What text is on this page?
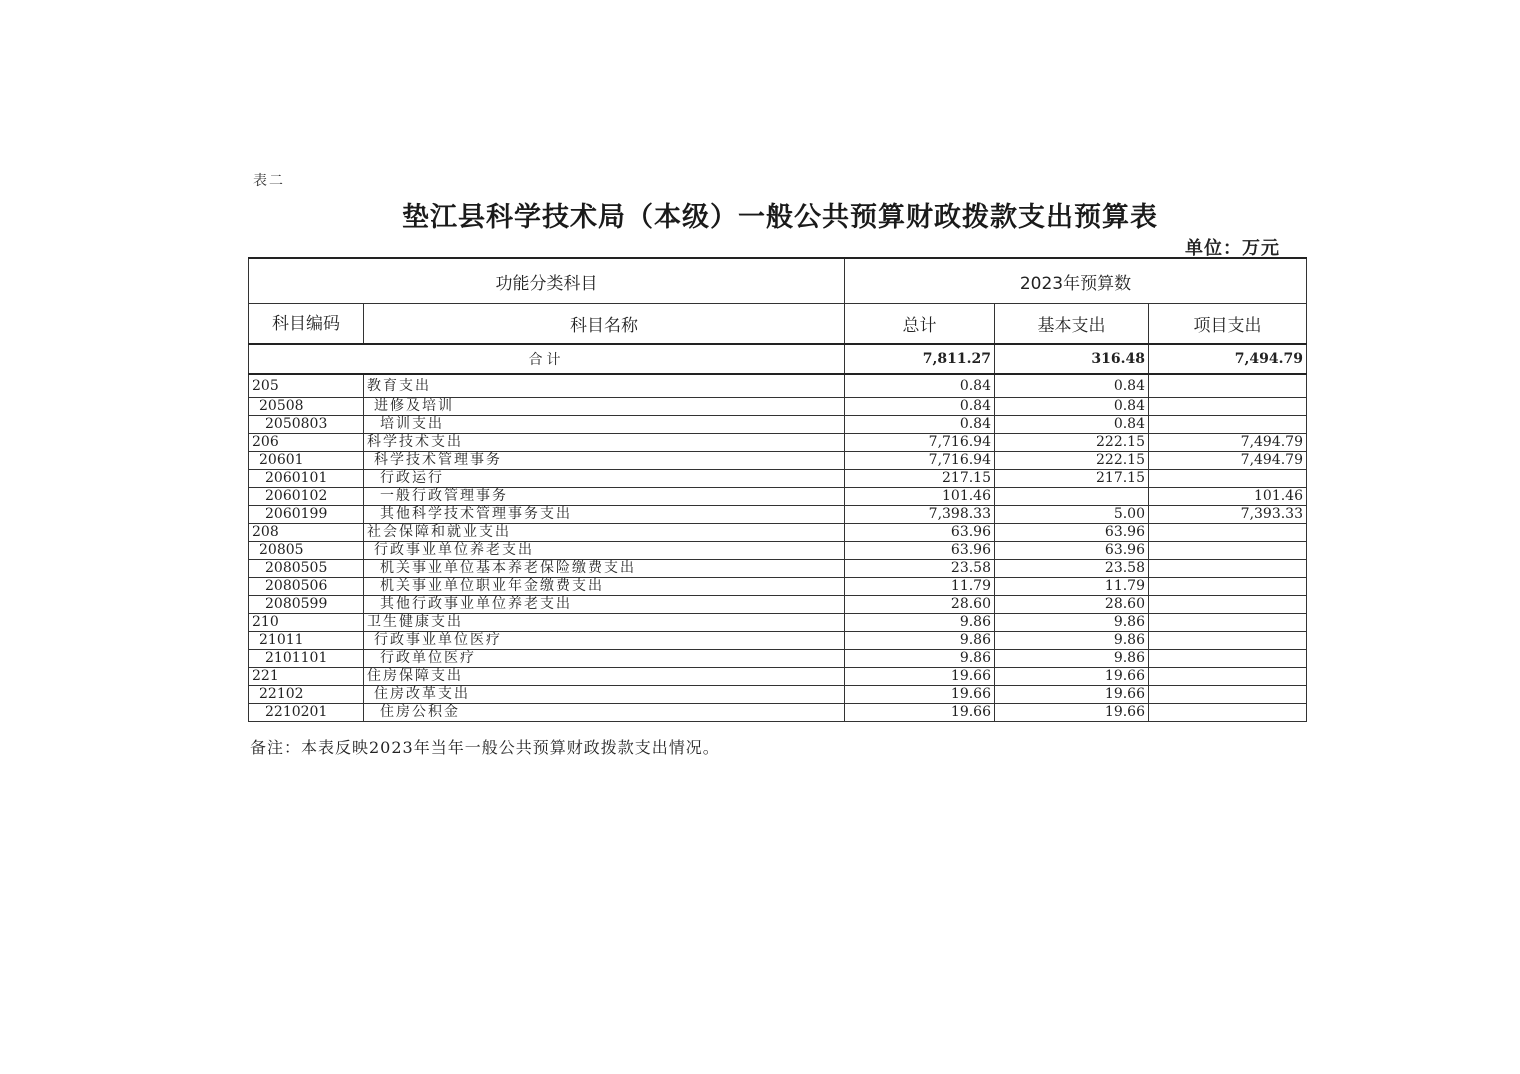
表二
垫江县科学技术局（本级）一般公共预算财政拨款支出预算表
单位：万元
功能分类科目		2023年预算数		
科目编码	科目名称	总计	基本支出	项目支出
合计		7,811.27	316.48	7,494.79
205	教育支出	0.84	0.84	
20508	进修及培训	0.84	0.84	
2050803	培训支出	0.84	0.84	
206	科学技术支出	7,716.94	222.15	7,494.79
20601	科学技术管理事务	7,716.94	222.15	7,494.79
2060101	行政运行	217.15	217.15	
2060102	一般行政管理事务	101.46		101.46
2060199	其他科学技术管理事务支出	7,398.33	5.00	7,393.33
208	社会保障和就业支出	63.96	63.96	
20805	行政事业单位养老支出	63.96	63.96	
2080505	机关事业单位基本养老保险缴费支出	23.58	23.58	
2080506	机关事业单位职业年金缴费支出	11.79	11.79	
2080599	其他行政事业单位养老支出	28.60	28.60	
210	卫生健康支出	9.86	9.86	
21011	行政事业单位医疗	9.86	9.86	
2101101	行政单位医疗	9.86	9.86	
221	住房保障支出	19.66	19.66	
22102	住房改革支出	19.66	19.66	
2210201	住房公积金	19.66	19.66	
备注：本表反映2023年当年一般公共预算财政拨款支出情况。
